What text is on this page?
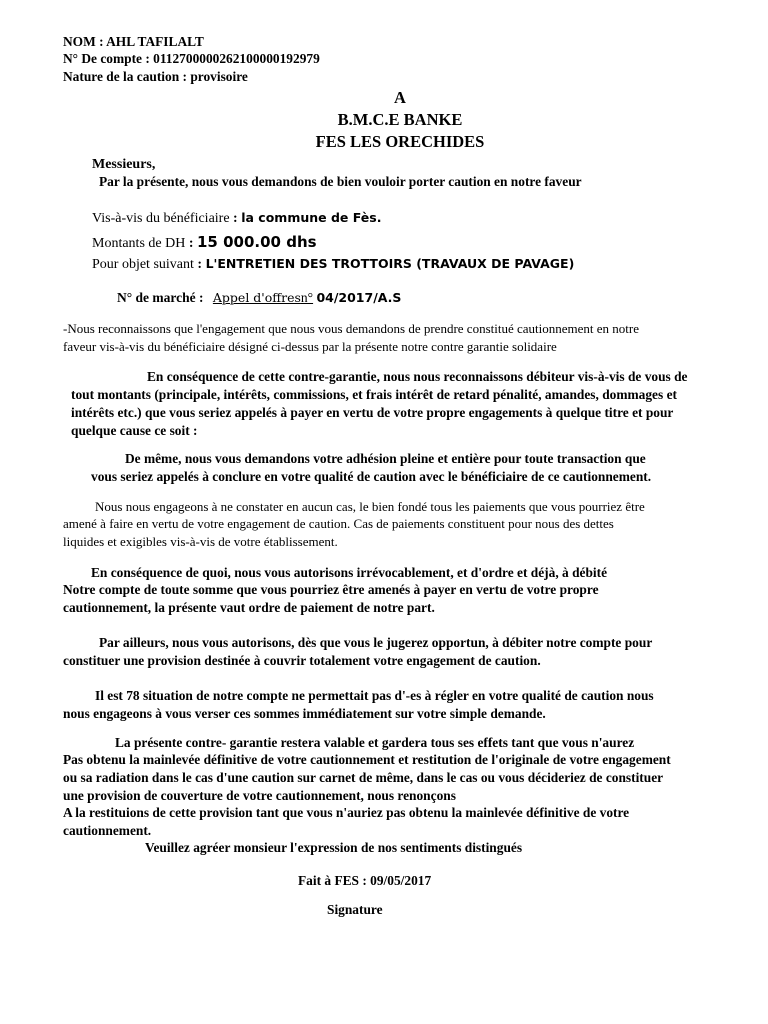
NOM : AHL TAFILALT
N° De compte : 0112700000262100000192979
Nature de la caution : provisoire
A
B.M.C.E BANKE
FES LES ORECHIDES
Messieurs,
Par la présente, nous vous demandons de bien vouloir porter caution en notre faveur
Vis-à-vis du bénéficiaire : la commune de Fès.
Montants de DH : 15 000.00 dhs
Pour objet suivant : L'ENTRETIEN DES TROTTOIRS (TRAVAUX DE PAVAGE)
N° de marché : Appel d'offresn° 04/2017/A.S
-Nous reconnaissons que l'engagement que nous vous demandons de prendre constitué cautionnement en notre
faveur vis-à-vis du bénéficiaire désigné ci-dessus par la présente notre contre garantie solidaire
En conséquence de cette contre-garantie, nous nous reconnaissons débiteur vis-à-vis de vous de
tout montants (principale, intérêts, commissions, et frais intérêt de retard pénalité, amandes, dommages et
intérêts etc.) que vous seriez appelés à payer en vertu de votre propre engagements à quelque titre et pour
quelque cause ce soit :
De même, nous vous demandons votre adhésion pleine et entière pour toute transaction que
vous seriez appelés à conclure en votre qualité de caution avec le bénéficiaire de ce cautionnement.
Nous nous engageons à ne constater en aucun cas, le bien fondé tous les paiements que vous pourriez être
amené à faire en vertu de votre engagement de caution. Cas de paiements constituent pour nous des dettes
liquides et exigibles vis-à-vis de votre établissement.
En conséquence de quoi, nous vous autorisons irrévocablement, et d'ordre et déjà, à débité
Notre compte de toute somme que vous pourriez être amenés à payer en vertu de votre propre
cautionnement, la présente vaut ordre de paiement de notre part.
Par ailleurs, nous vous autorisons, dès que vous le jugerez opportun, à débiter notre compte pour
constituer une provision destinée à couvrir totalement votre engagement de caution.
Il est 78 situation de notre compte ne permettait pas d'-es à régler en votre qualité de caution nous
nous engageons à vous verser ces sommes immédiatement sur votre simple demande.
La présente contre- garantie restera valable et gardera tous ses effets tant que vous n'aurez
Pas obtenu la mainlevée définitive de votre cautionnement et restitution de l'originale de votre engagement
ou sa radiation dans le cas d'une caution sur carnet de même, dans le cas ou vous décideriez de constituer
une provision de couverture de votre cautionnement, nous renonçons
A la restituions de cette provision tant que vous n'auriez pas obtenu la mainlevée définitive de votre
cautionnement.
Veuillez agréer monsieur l'expression de nos sentiments distingués
Fait à FES : 09/05/2017
Signature
